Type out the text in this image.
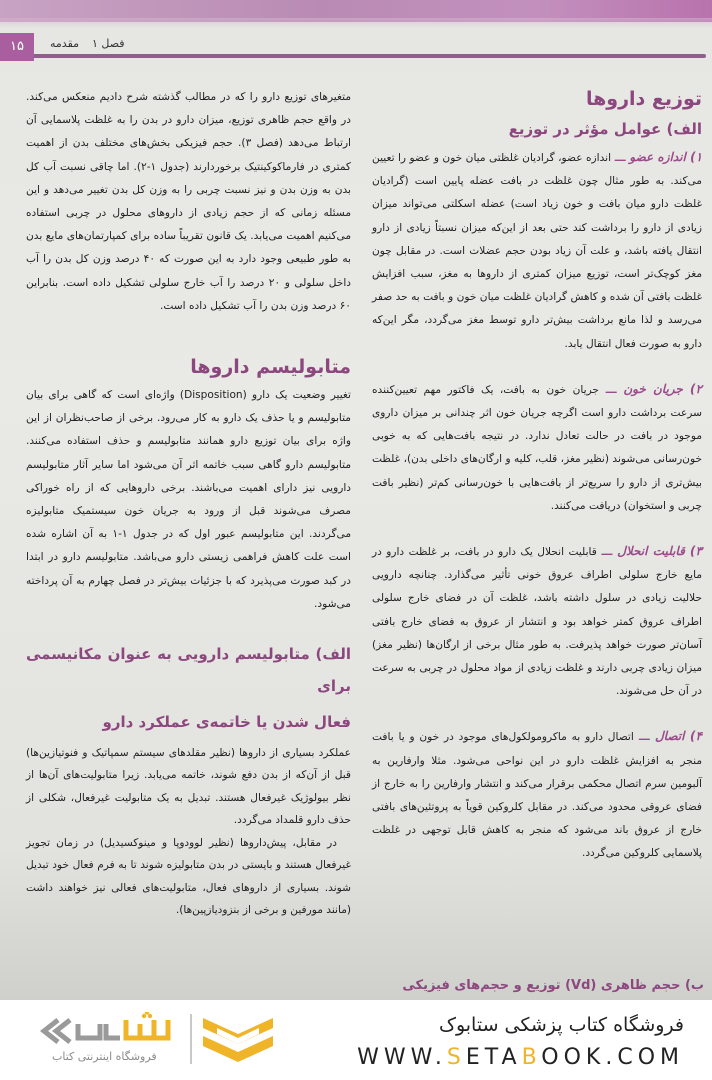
۱۵	مقدمه فصل ۱
توزیع داروها
الف) عوامل مؤثر در توزیع
۱) اندازه عضو ـــ اندازه عضو، گرادیان غلظتی میان خون و عضو را تعیین می‌کند. به طور مثال چون غلظت در بافت عضله پایین است (گرادیان غلظت دارو میان بافت و خون زیاد است) عضله اسکلتی می‌تواند میزان زیادی از دارو را برداشت کند حتی بعد از این‌که میزان نسبتاً زیادی از دارو انتقال یافته باشد، و علت آن زیاد بودن حجم عضلات است. در مقابل چون مغز کوچک‌تر است، توزیع میزان کمتری از داروها به مغز، سبب افزایش غلظت بافتی آن شده و کاهش گرادیان غلظت میان خون و بافت به حد صفر می‌رسد و لذا مانع برداشت بیش‌تر دارو توسط مغز می‌گردد، مگر این‌که دارو به صورت فعال انتقال یابد.
۲) جریان خون ـــ جریان خون به بافت، یک فاکتور مهم تعیین‌کننده سرعت برداشت دارو است اگرچه جریان خون اثر چندانی بر میزان داروی موجود در بافت در حالت تعادل ندارد. در نتیجه بافت‌هایی که به خوبی خون‌رسانی می‌شوند (نظیر مغز، قلب، کلیه و ارگان‌های داخلی بدن)، غلظت بیش‌تری از دارو را سریع‌تر از بافت‌هایی با خون‌رسانی کم‌تر (نظیر بافت چربی و استخوان) دریافت می‌کنند.
۳) قابلیت انحلال ـــ قابلیت انحلال یک دارو در بافت، بر غلظت دارو در مایع خارج سلولی اطراف عروق خونی تأثیر می‌گذارد. چنانچه دارویی حلالیت زیادی در سلول داشته باشد، غلظت آن در فضای خارج سلولی اطراف عروق کمتر خواهد بود و انتشار از عروق به فضای خارج بافتی آسان‌تر صورت خواهد پذیرفت. به طور مثال برخی از ارگان‌ها (نظیر مغز) میزان زیادی چربی دارند و غلظت زیادی از مواد محلول در چربی به سرعت در آن حل می‌شوند.
۴) اتصال ـــ اتصال دارو به ماکرومولکول‌های موجود در خون و یا بافت منجر به افزایش غلظت دارو در این نواحی می‌شود. مثلا وارفارین به آلبومین سرم اتصال محکمی برقرار می‌کند و انتشار وارفارین را به خارج از فضای عروقی محدود می‌کند. در مقابل کلروکین قویاً به پروتئین‌های بافتی خارج از عروق باند می‌شود که منجر به کاهش قابل توجهی در غلظت پلاسمایی کلروکین می‌گردد.
ب) حجم ظاهری (Vd) توزیع و حجم‌های فیزیکی
متغیرهای توزیع دارو را که در مطالب گذشته شرح دادیم منعکس می‌کند. در واقع حجم ظاهری توزیع، میزان دارو در بدن را به غلظت پلاسمایی آن ارتباط می‌دهد (فصل ۳). حجم فیزیکی بخش‌های مختلف بدن از اهمیت کمتری در فارماکوکینتیک برخوردارند (جدول ۱-۲). اما چاقی نسبت آب کل بدن به وزن بدن و نیز نسبت چربی را به وزن کل بدن تغییر می‌دهد و این مسئله زمانی که از حجم زیادی از داروهای محلول در چربی استفاده می‌کنیم اهمیت می‌یابد. یک قانون تقریباً ساده برای کمپارتمان‌های مایع بدن به طور طبیعی وجود دارد به این صورت که ۴۰ درصد وزن کل بدن را آب داخل سلولی و ۲۰ درصد را آب خارج سلولی تشکیل داده است. بنابراین ۶۰ درصد وزن بدن را آب تشکیل داده است.
متابولیسم داروها
تغییر وضعیت یک دارو (Disposition) واژه‌ای است که گاهی برای بیان متابولیسم و یا حذف یک دارو به کار می‌رود. برخی از صاحب‌نظران از این واژه برای بیان توزیع دارو همانند متابولیسم و حذف استفاده می‌کنند. متابولیسم دارو گاهی سبب خاتمه اثر آن می‌شود اما سایر آثار متابولیسم دارویی نیز دارای اهمیت می‌باشند. برخی داروهایی که از راه خوراکی مصرف می‌شوند قبل از ورود به جریان خون سیستمیک متابولیزه می‌گردند. این متابولیسم عبور اول که در جدول ۱-۱ به آن اشاره شده است علت کاهش فراهمی زیستی دارو می‌باشد. متابولیسم دارو در ابتدا در کبد صورت می‌پذیرد که با جزئیات بیش‌تر در فصل چهارم به آن پرداخته می‌شود.
الف) متابولیسم دارویی به عنوان مکانیسمی برای
فعال شدن یا خاتمه‌ی عملکرد دارو
عملکرد بسیاری از داروها (نظیر مقلدهای سیستم سمپاتیک و فنوتیازین‌ها) قبل از آن‌که از بدن دفع شوند، خاتمه می‌یابد. زیرا متابولیت‌های آن‌ها از نظر بیولوژیک غیرفعال هستند. تبدیل به یک متابولیت غیرفعال، شکلی از حذف دارو قلمداد می‌گردد.
در مقابل، پیش‌داروها (نظیر لوودوپا و مینوکسیدیل) در زمان تجویز غیرفعال هستند و بایستی در بدن متابولیزه شوند تا به فرم فعال خود تبدیل شوند. بسیاری از داروهای فعال، متابولیت‌های فعالی نیز خواهند داشت (مانند مورفین و برخی از بنزودیازپین‌ها).
فروشگاه کتاب پزشکی ستابوک
WWW.SETABOOK.COM
فروشگاه اینترنتی کتاب
